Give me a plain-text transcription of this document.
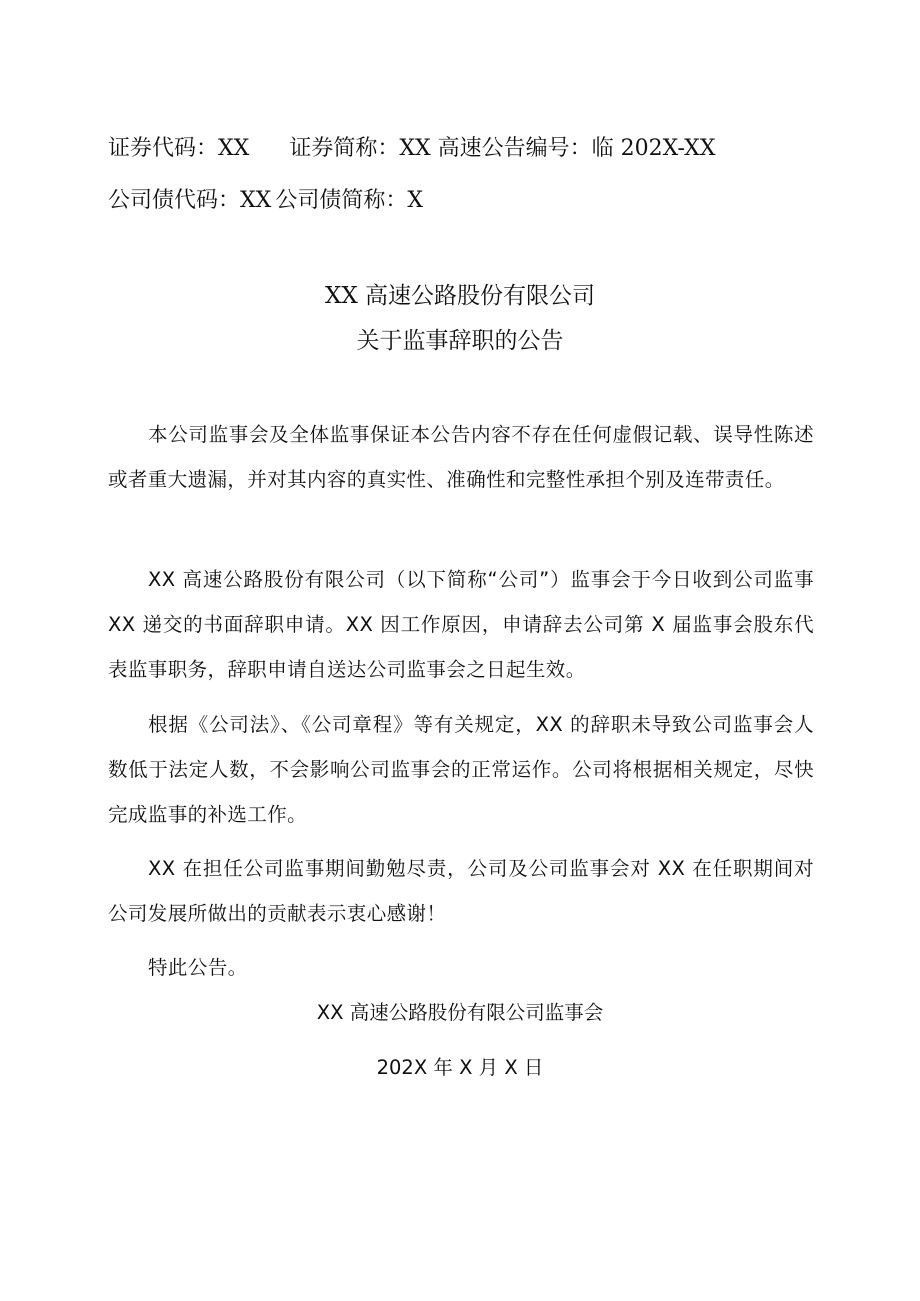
证券代码：XX 证券简称：XX 高速公告编号：临 202X-XX
公司债代码：XX 公司债简称：X
XX 高速公路股份有限公司
关于监事辞职的公告
本公司监事会及全体监事保证本公告内容不存在任何虚假记载、误导性陈述或者重大遗漏，并对其内容的真实性、准确性和完整性承担个别及连带责任。
XX 高速公路股份有限公司（以下简称“公司”）监事会于今日收到公司监事 XX 递交的书面辞职申请。XX 因工作原因，申请辞去公司第 X 届监事会股东代表监事职务，辞职申请自送达公司监事会之日起生效。
根据《公司法》、《公司章程》等有关规定，XX 的辞职未导致公司监事会人数低于法定人数，不会影响公司监事会的正常运作。公司将根据相关规定，尽快完成监事的补选工作。
XX 在担任公司监事期间勤勉尽责，公司及公司监事会对 XX 在任职期间对公司发展所做出的贡献表示衷心感谢！
特此公告。
XX 高速公路股份有限公司监事会
202X 年 X 月 X 日
